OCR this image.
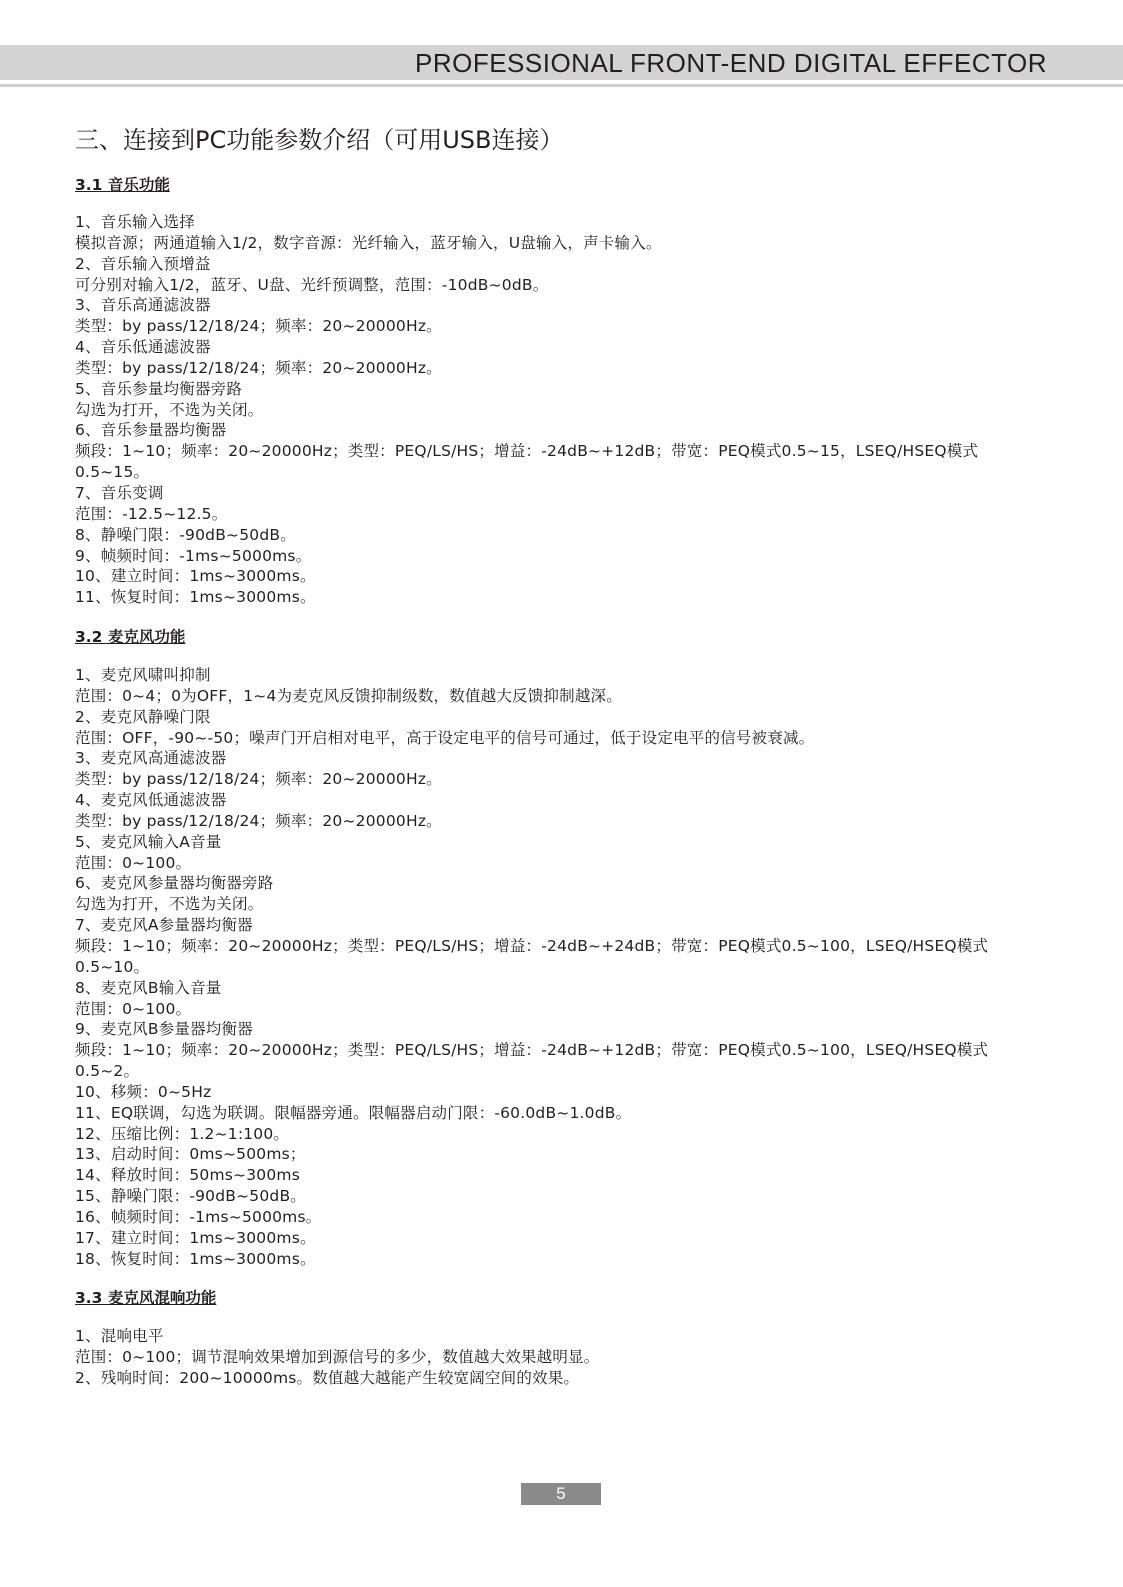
PROFESSIONAL FRONT-END DIGITAL EFFECTOR
三、连接到PC功能参数介绍（可用USB连接）
3.1 音乐功能
1、音乐输入选择
模拟音源；两通道输入1/2，数字音源：光纤输入，蓝牙输入，U盘输入，声卡输入。
2、音乐输入预增益
可分别对输入1/2，蓝牙、U盘、光纤预调整，范围：-10dB~0dB。
3、音乐高通滤波器
类型：by pass/12/18/24；频率：20~20000Hz。
4、音乐低通滤波器
类型：by pass/12/18/24；频率：20~20000Hz。
5、音乐参量均衡器旁路
勾选为打开，不选为关闭。
6、音乐参量器均衡器
频段：1~10；频率：20~20000Hz；类型：PEQ/LS/HS；增益：-24dB~+12dB；带宽：PEQ模式0.5~15，LSEQ/HSEQ模式
0.5~15。
7、音乐变调
范围：-12.5~12.5。
8、静噪门限：-90dB~50dB。
9、帧频时间：-1ms~5000ms。
10、建立时间：1ms~3000ms。
11、恢复时间：1ms~3000ms。
3.2 麦克风功能
1、麦克风啸叫抑制
范围：0~4；0为OFF，1~4为麦克风反馈抑制级数，数值越大反馈抑制越深。
2、麦克风静噪门限
范围：OFF，-90~-50；噪声门开启相对电平，高于设定电平的信号可通过，低于设定电平的信号被衰减。
3、麦克风高通滤波器
类型：by pass/12/18/24；频率：20~20000Hz。
4、麦克风低通滤波器
类型：by pass/12/18/24；频率：20~20000Hz。
5、麦克风输入A音量
范围：0~100。
6、麦克风参量器均衡器旁路
勾选为打开，不选为关闭。
7、麦克风A参量器均衡器
频段：1~10；频率：20~20000Hz；类型：PEQ/LS/HS；增益：-24dB~+24dB；带宽：PEQ模式0.5~100，LSEQ/HSEQ模式
0.5~10。
8、麦克风B输入音量
范围：0~100。
9、麦克风B参量器均衡器
频段：1~10；频率：20~20000Hz；类型：PEQ/LS/HS；增益：-24dB~+12dB；带宽：PEQ模式0.5~100，LSEQ/HSEQ模式
0.5~2。
10、移频：0~5Hz
11、EQ联调，勾选为联调。限幅器旁通。限幅器启动门限：-60.0dB~1.0dB。
12、压缩比例：1.2~1:100。
13、启动时间：0ms~500ms；
14、释放时间：50ms~300ms
15、静噪门限：-90dB~50dB。
16、帧频时间：-1ms~5000ms。
17、建立时间：1ms~3000ms。
18、恢复时间：1ms~3000ms。
3.3 麦克风混响功能
1、混响电平
范围：0~100；调节混响效果增加到源信号的多少，数值越大效果越明显。
2、残响时间：200~10000ms。数值越大越能产生较宽阔空间的效果。
5
